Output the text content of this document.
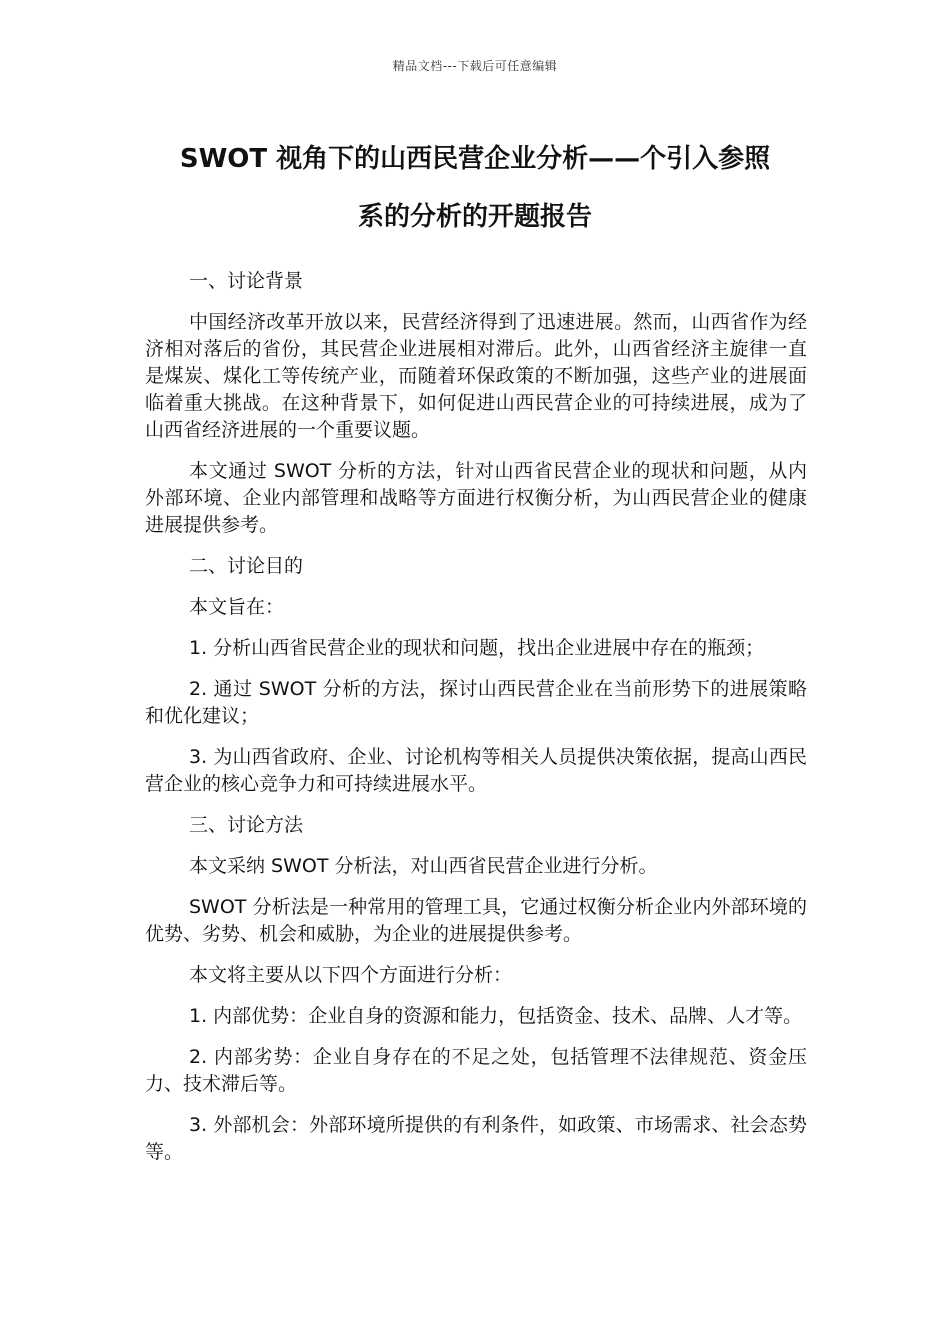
精品文档---下载后可任意编辑
SWOT 视角下的山西民营企业分析——个引入参照
系的分析的开题报告

一、讨论背景

中国经济改革开放以来，民营经济得到了迅速进展。然而，山西省作为经济相对落后的省份，其民营企业进展相对滞后。此外，山西省经济主旋律一直是煤炭、煤化工等传统产业，而随着环保政策的不断加强，这些产业的进展面临着重大挑战。在这种背景下，如何促进山西民营企业的可持续进展，成为了山西省经济进展的一个重要议题。

本文通过 SWOT 分析的方法，针对山西省民营企业的现状和问题，从内外部环境、企业内部管理和战略等方面进行权衡分析，为山西民营企业的健康进展提供参考。

二、讨论目的

本文旨在：

1. 分析山西省民营企业的现状和问题，找出企业进展中存在的瓶颈；

2. 通过 SWOT 分析的方法，探讨山西民营企业在当前形势下的进展策略和优化建议；

3. 为山西省政府、企业、讨论机构等相关人员提供决策依据，提高山西民营企业的核心竞争力和可持续进展水平。

三、讨论方法

本文采纳 SWOT 分析法，对山西省民营企业进行分析。

SWOT 分析法是一种常用的管理工具，它通过权衡分析企业内外部环境的优势、劣势、机会和威胁，为企业的进展提供参考。

本文将主要从以下四个方面进行分析：

1. 内部优势：企业自身的资源和能力，包括资金、技术、品牌、人才等。

2. 内部劣势：企业自身存在的不足之处，包括管理不法律规范、资金压力、技术滞后等。

3. 外部机会：外部环境所提供的有利条件，如政策、市场需求、社会态势等。
